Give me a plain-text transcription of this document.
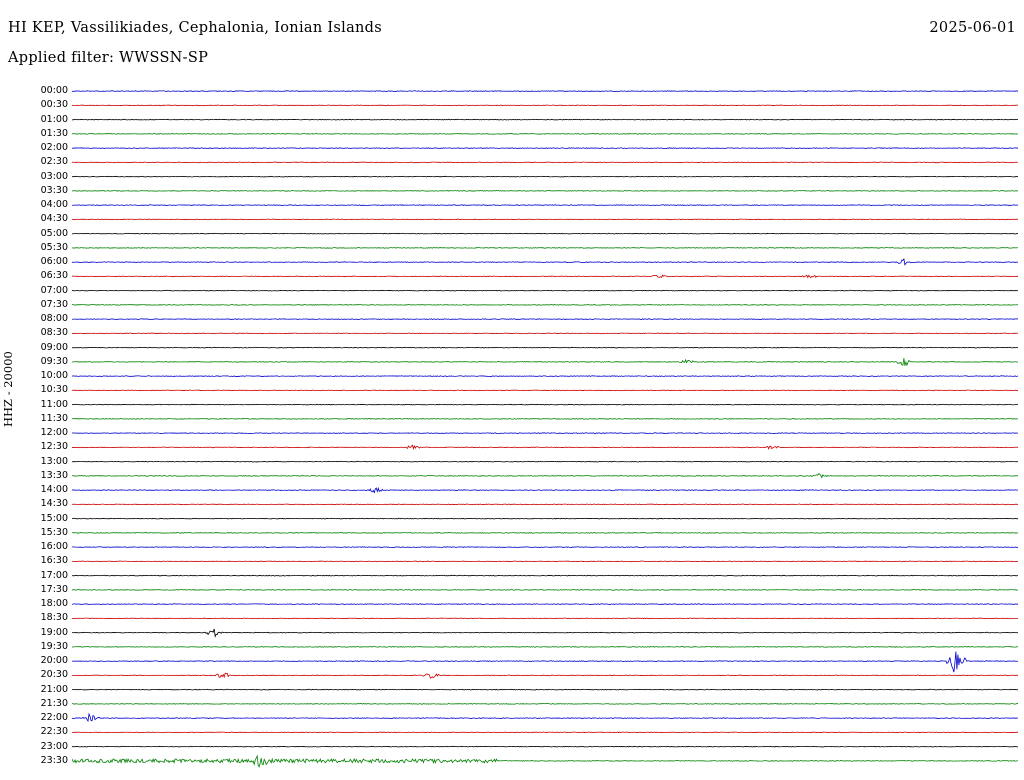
HI KEP, Vassilikiades, Cephalonia, Ionian Islands	2025-06-01
Applied filter: WWSSN-SP
HHZ - 20000
00:00
00:30
01:00
01:30
02:00
02:30
03:00
03:30
04:00
04:30
05:00
05:30
06:00
06:30
07:00
07:30
08:00
08:30
09:00
09:30
10:00
10:30
11:00
11:30
12:00
12:30
13:00
13:30
14:00
14:30
15:00
15:30
16:00
16:30
17:00
17:30
18:00
18:30
19:00
19:30
20:00
20:30
21:00
21:30
22:00
22:30
23:00
23:30
